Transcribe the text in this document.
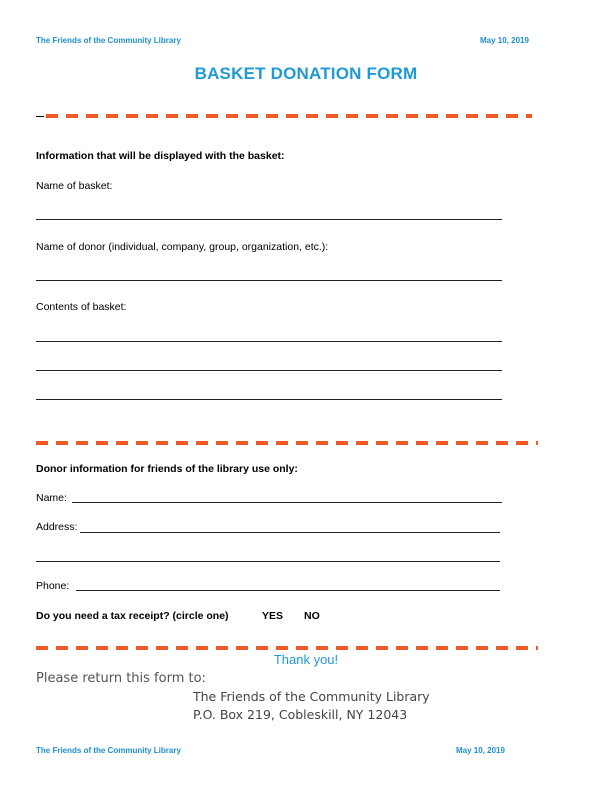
The Friends of the Community Library	May 10, 2019
BASKET DONATION FORM
Information that will be displayed with the basket:
Name of basket:
Name of donor (individual, company, group, organization, etc.):
Contents of basket:
Donor information for friends of the library use only:
Name:
Address:
Phone:
Do you need a tax receipt? (circle one)	YES NO
Thank you!
Please return this form to:
The Friends of the Community Library
P.O. Box 219, Cobleskill, NY 12043
The Friends of the Community Library	May 10, 2019
